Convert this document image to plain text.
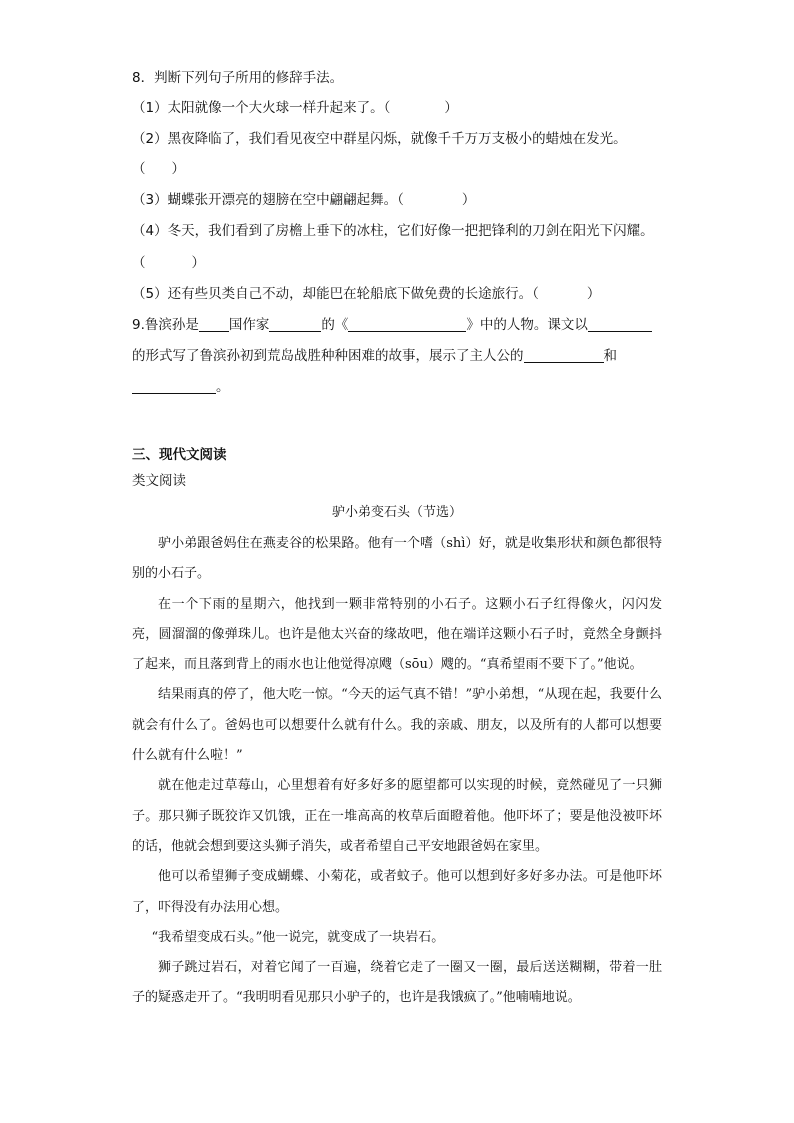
8．判断下列句子所用的修辞手法。
（1）太阳就像一个大火球一样升起来了。（	）
（2）黑夜降临了，我们看见夜空中群星闪烁，就像千千万万支极小的蜡烛在发光。
（ ）
（3）蝴蝶张开漂亮的翅膀在空中翩翩起舞。（	）
（4）冬天，我们看到了房檐上垂下的冰柱，它们好像一把把锋利的刀剑在阳光下闪耀。
（	）
（5）还有些贝类自己不动，却能巴在轮船底下做免费的长途旅行。（	）
9.鲁滨孙是 国作家	的《	》中的人物。课文以
的形式写了鲁滨孙初到荒岛战胜种种困难的故事，展示了主人公的	和
。
三、现代文阅读
类文阅读
驴小弟变石头（节选）

驴小弟跟爸妈住在燕麦谷的松果路。他有一个嗜（shì）好，就是收集形状和颜色都很特别的小石子。

在一个下雨的星期六，他找到一颗非常特别的小石子。这颗小石子红得像火，闪闪发亮，圆溜溜的像弹珠儿。也许是他太兴奋的缘故吧，他在端详这颗小石子时，竟然全身颤抖了起来，而且落到背上的雨水也让他觉得凉飕（sōu）飕的。“真希望雨不要下了。”他说。

结果雨真的停了，他大吃一惊。“今天的运气真不错！”驴小弟想，“从现在起，我要什么就会有什么了。爸妈也可以想要什么就有什么。我的亲戚、朋友，以及所有的人都可以想要什么就有什么啦！”

就在他走过草莓山，心里想着有好多好多的愿望都可以实现的时候，竟然碰见了一只狮子。那只狮子既狡诈又饥饿，正在一堆高高的枚草后面瞪着他。他吓坏了；要是他没被吓坏的话，他就会想到要这头狮子消失，或者希望自己平安地跟爸妈在家里。

他可以希望狮子变成蝴蝶、小菊花，或者蚊子。他可以想到好多好多办法。可是他吓坏了，吓得没有办法用心想。

“我希望变成石头。”他一说完，就变成了一块岩石。

狮子跳过岩石，对着它闻了一百遍，绕着它走了一圈又一圈，最后送送糊糊，带着一肚子的疑惑走开了。“我明明看见那只小驴子的，也许是我饿疯了。”他喃喃地说。
